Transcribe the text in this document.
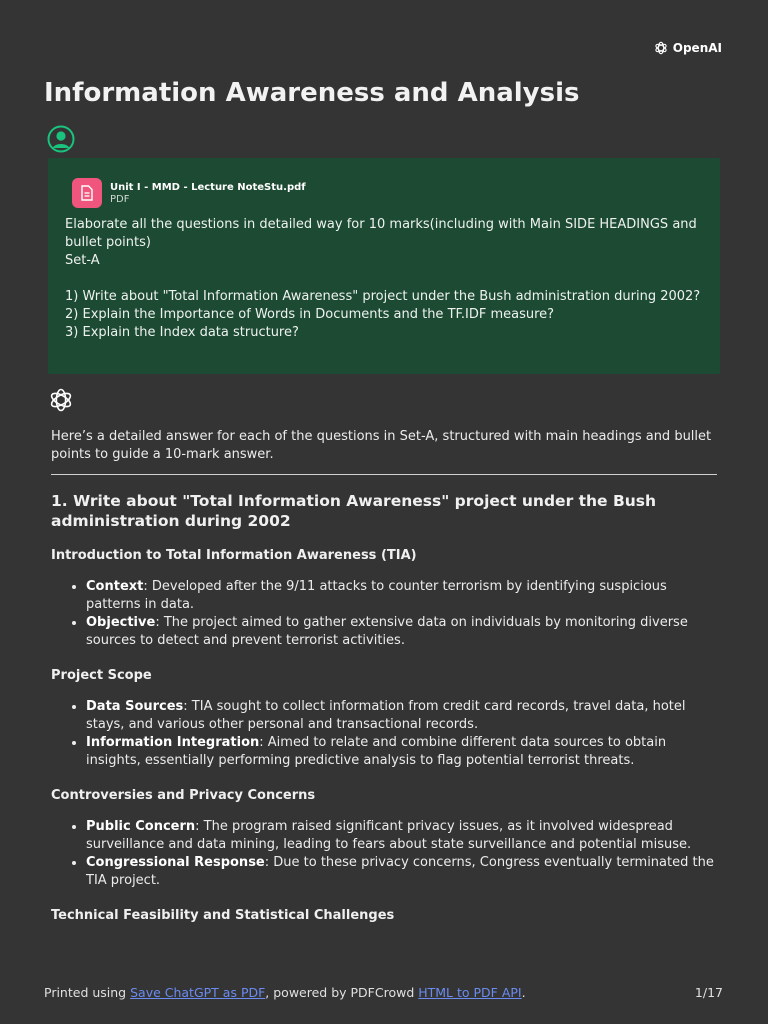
OpenAI
Information Awareness and Analysis
Unit I - MMD - Lecture NoteStu.pdf
PDF
Elaborate all the questions in detailed way for 10 marks(including with Main SIDE HEADINGS and bullet points)
Set-A
1) Write about "Total Information Awareness" project under the Bush administration during 2002?
2) Explain the Importance of Words in Documents and the TF.IDF measure?
3) Explain the Index data structure?

Here’s a detailed answer for each of the questions in Set-A, structured with main headings and bullet points to guide a 10-mark answer.

1. Write about "Total Information Awareness" project under the Bush administration during 2002
Introduction to Total Information Awareness (TIA)
• Context: Developed after the 9/11 attacks to counter terrorism by identifying suspicious patterns in data.
• Objective: The project aimed to gather extensive data on individuals by monitoring diverse sources to detect and prevent terrorist activities.
Project Scope
• Data Sources: TIA sought to collect information from credit card records, travel data, hotel stays, and various other personal and transactional records.
• Information Integration: Aimed to relate and combine different data sources to obtain insights, essentially performing predictive analysis to flag potential terrorist threats.
Controversies and Privacy Concerns
• Public Concern: The program raised significant privacy issues, as it involved widespread surveillance and data mining, leading to fears about state surveillance and potential misuse.
• Congressional Response: Due to these privacy concerns, Congress eventually terminated the TIA project.
Technical Feasibility and Statistical Challenges
Printed using Save ChatGPT as PDF, powered by PDFCrowd HTML to PDF API.	1/17
